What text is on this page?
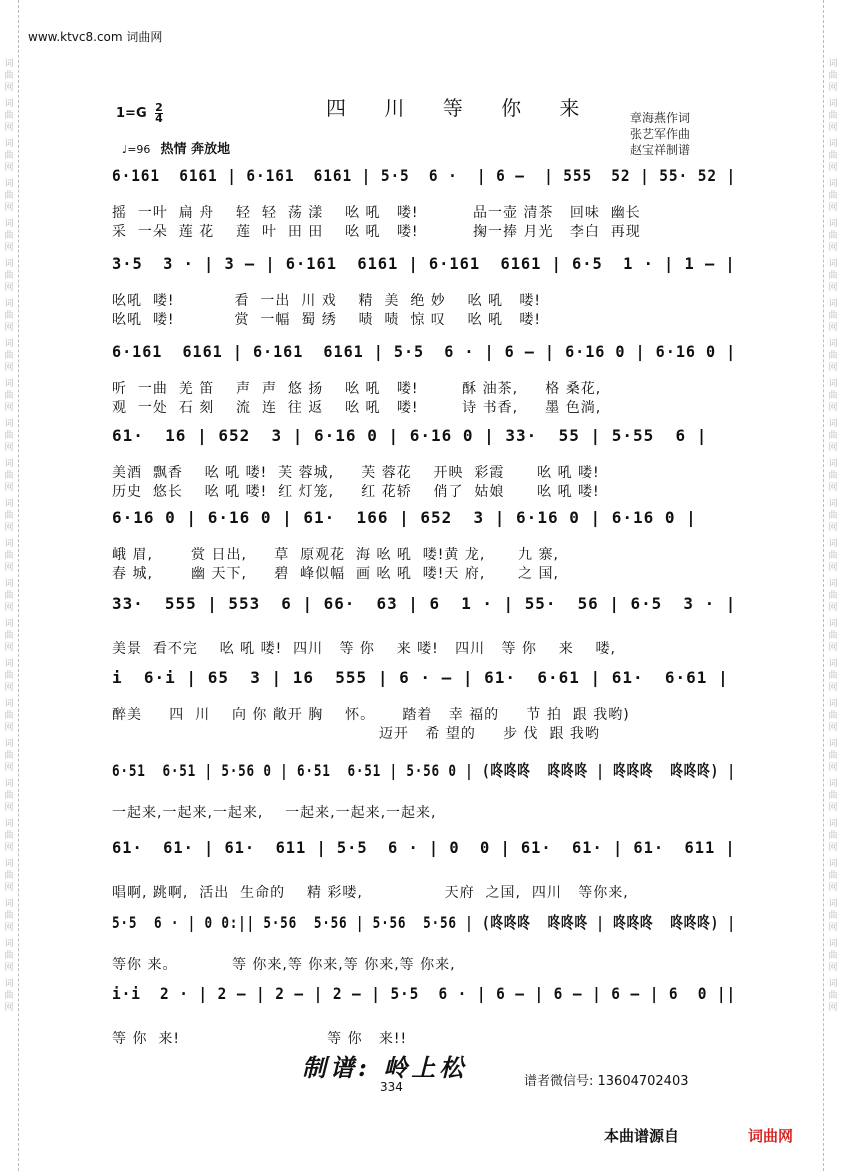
词
曲
网
词
曲
网
词
曲
网
词
曲
网
词
曲
网
词
曲
网
词
曲
网
词
曲
网
词
曲
网
词
曲
网
词
曲
网
词
曲
网
词
曲
网
词
曲
网
词
曲
网
词
曲
网
词
曲
网
词
曲
网
词
曲
网
词
曲
网
词
曲
网
词
曲
网
词
曲
网
词
曲
网
词
曲
网
词
曲
网
词
曲
网
词
曲
网
词
曲
网
词
曲
网
词
曲
网
词
曲
网
词
曲
网
词
曲
网
词
曲
网
词
曲
网
词
曲
网
词
曲
网
词
曲
网
词
曲
网
词
曲
网
词
曲
网
词
曲
网
词
曲
网
词
曲
网
词
曲
网
词
曲
网
词
曲
网
www.ktvc8.com 词曲网
四 川 等 你 来
$1=G \frac{2}{4}$
♩=96 热情 奔放地
章海燕作词
张艺军作曲
赵宝祥制谱
6·161  6161 | 6·161  6161 | 5·5  6 ·  | 6 –  | 555  52 | 55· 52 |
摇  一叶  扁 舟    轻  轻  荡 漾    吆 吼   喽!          品一壶 清茶   回味  幽长
采  一朵  莲 花    莲  叶  田 田    吆 吼   喽!          掬一捧 月光   李白  再现
3·5  3 · | 3 – | 6·161  6161 | 6·161  6161 | 6·5  1 · | 1 – |
吆吼  喽!           看  一出  川 戏    精  美  绝 妙    吆 吼   喽!
吆吼  喽!           赏  一幅  蜀 绣    啧  啧  惊 叹    吆 吼   喽!
6·161  6161 | 6·161  6161 | 5·5  6 · | 6 – | 6·16 0 | 6·16 0 |
听  一曲  羌 笛    声  声  悠 扬    吆 吼   喽!        酥 油茶,     格 桑花,
观  一处  石 刻    流  连  往 返    吆 吼   喽!        诗 书香,     墨 色淌,
61·  16 | 652  3 | 6·16 0 | 6·16 0 | 33·  55 | 5·55  6 |
美酒  飘香    吆 吼 喽!  芙 蓉城,     芙 蓉花    开映  彩霞      吆 吼 喽!
历史  悠长    吆 吼 喽!  红 灯笼,     红 花轿    俏了  姑娘      吆 吼 喽!
6·16 0 | 6·16 0 | 61·  166 | 652  3 | 6·16 0 | 6·16 0 |
峨 眉,       赏 日出,     草  原观花  海 吆 吼  喽!黄 龙,      九 寨,
春 城,       幽 天下,     碧  峰似幅  画 吆 吼  喽!天 府,      之 国,
33·  555 | 553  6 | 66·  63 | 6  1 · | 55·  56 | 6·5  3 · |
美景  看不完    吆 吼 喽!  四川   等 你    来 喽!   四川   等 你    来    喽,
i  6·i | 65  3 | 16  555 | 6 · – | 61·  6·61 | 61·  6·61 |
醉美     四  川    向 你 敞开 胸    怀。     踏着   幸 福的     节 拍  跟 我哟)
迈开   希 望的     步 伐  跟 我哟
6·51  6·51 | 5·56 0 | 6·51  6·51 | 5·56 0 | (咚咚咚  咚咚咚 | 咚咚咚  咚咚咚) |
一起来,一起来,一起来,    一起来,一起来,一起来,
61·  61· | 61·  611 | 5·5  6 · | 0  0 | 61·  61· | 61·  611 |
唱啊, 跳啊,  活出  生命的    精 彩喽,               天府  之国,  四川   等你来,
5·5  6 · | 0 0:|| 5·56  5·56 | 5·56  5·56 | (咚咚咚  咚咚咚 | 咚咚咚  咚咚咚) |
等你 来。          等 你来,等 你来,等 你来,等 你来,
i·i  2 · | 2 – | 2 – | 2 – | 5·5  6 · | 6 – | 6 – | 6 – | 6  0 ||
等 你  来!                           等 你   来!!
制谱: 岭上松
334	谱者微信号: 13604702403
本曲谱源自	词曲网
